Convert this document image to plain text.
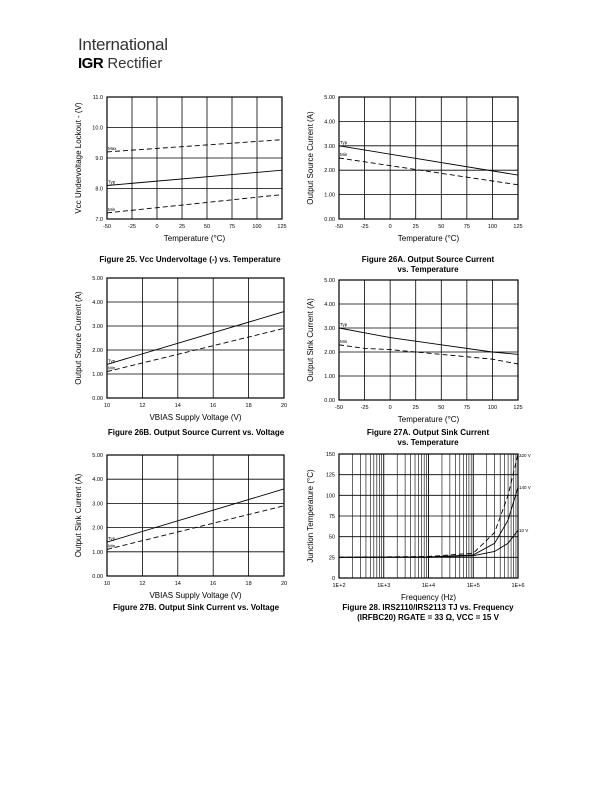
International
IGR Rectifier
-50	-25	0	25	50	75	100	125
7.0
8.0
9.0
10.0
11.0
Temperature (°C)
Vcc Undervoltage Lockout - (V)	Max
Typ
Min
Figure 25. Vcc Undervoltage (-) vs. Temperature
-50	-25	0	25	50	75	100	125
0.00
1.00
2.00
3.00
4.00
5.00
Temperature (°C)
Output Source Current (A)	Typ
Min
Figure 26A. Output Source Current vs. Temperature
10	12	14	16	18	20
0.00
1.00
2.00
3.00
4.00
5.00
VBIAS Supply Voltage (V)
Output Source Current (A)	Typ
Min
Figure 26B. Output Source Current vs. Voltage
-50	-25	0	25	50	75	100	125
0.00
1.00
2.00
3.00
4.00
5.00
Temperature (°C)
Output Sink Current (A)	Typ
Min
Figure 27A. Output Sink Current vs. Temperature
10	12	14	16	18	20
0.00
1.00
2.00
3.00
4.00
5.00
VBIAS Supply Voltage (V)
Output Sink Current (A)	Typ
Min
Figure 27B. Output Sink Current vs. Voltage
1E+2	1E+3	1E+4	1E+5	1E+6
0
25
50
75
100
125
150
Frequency (Hz)
Junction Temperature (°C)
320 V
140 V
10 V
Figure 28. IRS2110/IRS2113 TJ vs. Frequency (IRFBC20) RGATE = 33 Ω, VCC = 15 V
